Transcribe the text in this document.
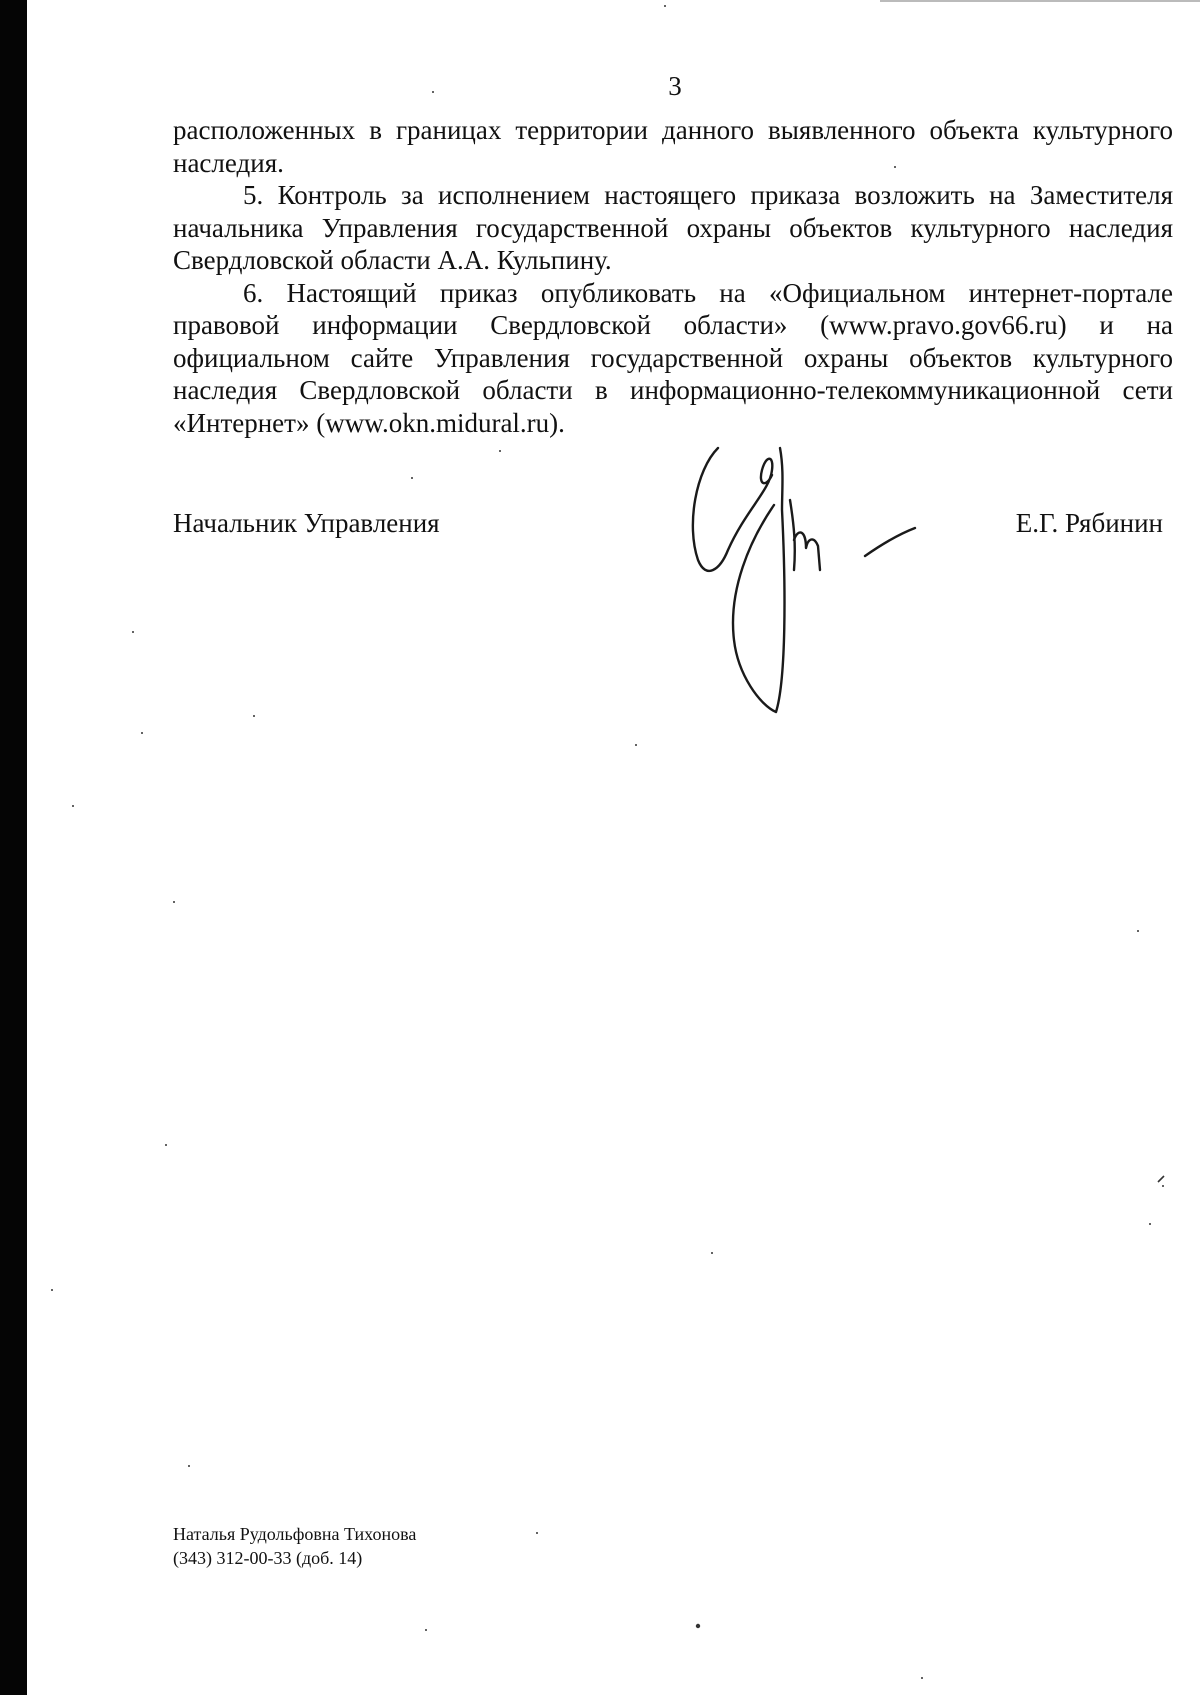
3

расположенных в границах территории данного выявленного объекта культурного наследия.

5. Контроль за исполнением настоящего приказа возложить на Заместителя начальника Управления государственной охраны объектов культурного наследия Свердловской области А.А. Кульпину.

6. Настоящий приказ опубликовать на «Официальном интернет-портале правовой информации Свердловской области» (www.pravo.gov66.ru) и на официальном сайте Управления государственной охраны объектов культурного наследия Свердловской области в информационно-телекоммуникационной сети «Интернет» (www.okn.midural.ru).

Начальник Управления	Е.Г. Рябинин
Наталья Рудольфовна Тихонова
(343) 312-00-33 (доб. 14)
